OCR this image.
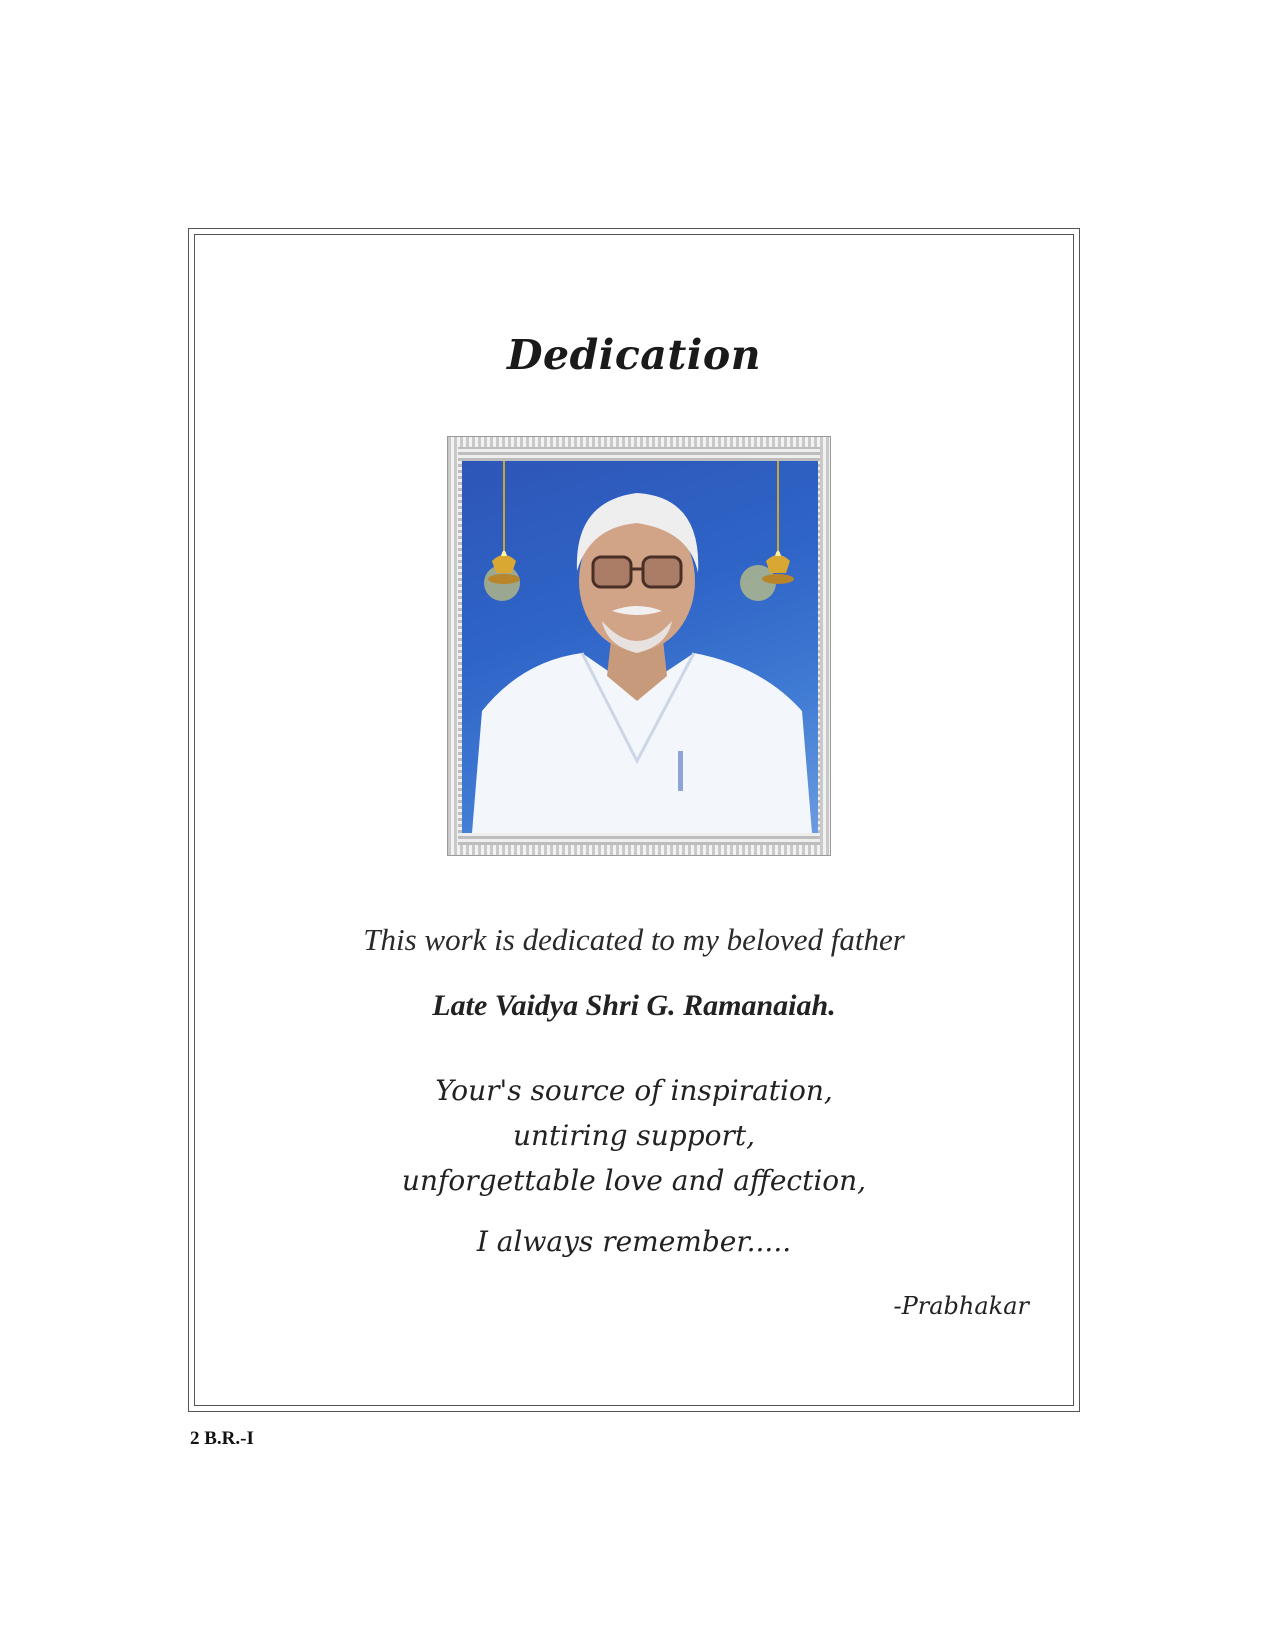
Dedication
This work is dedicated to my beloved father
Late Vaidya Shri G. Ramanaiah.
Your's source of inspiration,
untiring support,
unforgettable love and affection,
I always remember.....
-Prabhakar
2 B.R.-I
